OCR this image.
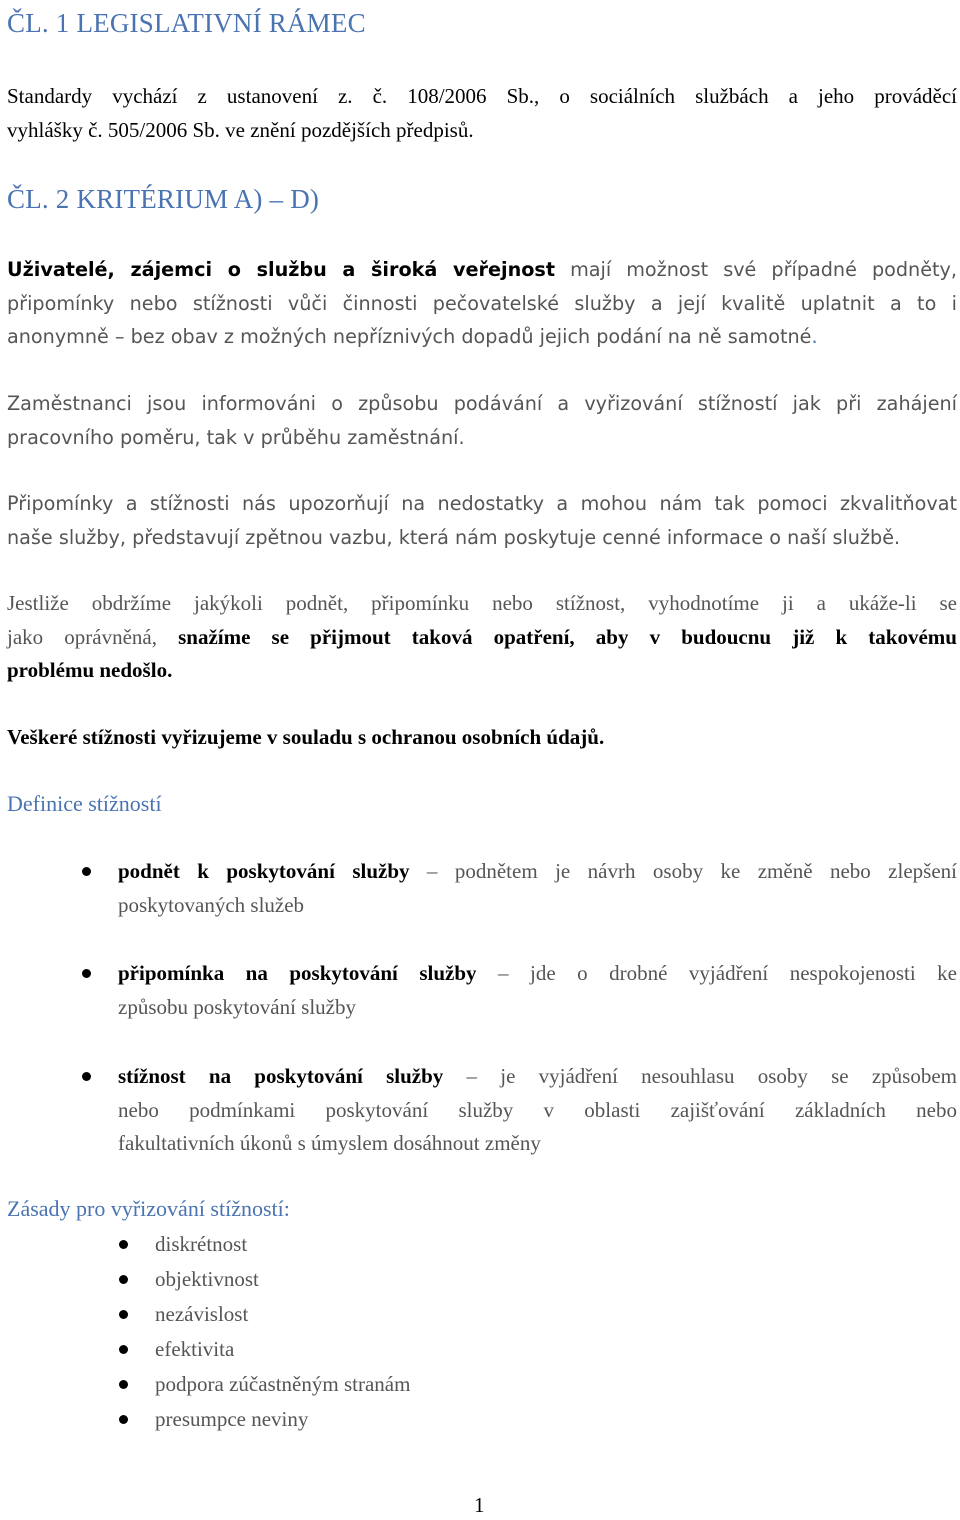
ČL. 1 LEGISLATIVNÍ RÁMEC
Standardy vychází z ustanovení z. č. 108/2006 Sb., o sociálních službách a jeho prováděcí
vyhlášky č. 505/2006 Sb. ve znění pozdějších předpisů.
ČL. 2 KRITÉRIUM A) – D)
Uživatelé, zájemci o službu a široká veřejnost mají možnost své případné podněty,
připomínky nebo stížnosti vůči činnosti pečovatelské služby a její kvalitě uplatnit a to i
anonymně – bez obav z možných nepříznivých dopadů jejich podání na ně samotné.
Zaměstnanci jsou informováni o způsobu podávání a vyřizování stížností jak při zahájení
pracovního poměru, tak v průběhu zaměstnání.
Připomínky a stížnosti nás upozorňují na nedostatky a mohou nám tak pomoci zkvalitňovat
naše služby, představují zpětnou vazbu, která nám poskytuje cenné informace o naší službě.
Jestliže obdržíme jakýkoli podnět, připomínku nebo stížnost, vyhodnotíme ji a ukáže-li se
jako oprávněná, snažíme se přijmout taková opatření, aby v budoucnu již k takovému
problému nedošlo.
Veškeré stížnosti vyřizujeme v souladu s ochranou osobních údajů.
Definice stížností
podnět k poskytování služby – podnětem je návrh osoby ke změně nebo zlepšení
poskytovaných služeb
připomínka na poskytování služby – jde o drobné vyjádření nespokojenosti ke
způsobu poskytování služby
stížnost na poskytování služby – je vyjádření nesouhlasu osoby se způsobem
nebo podmínkami poskytování služby v oblasti zajišťování základních nebo
fakultativních úkonů s úmyslem dosáhnout změny
Zásady pro vyřizování stížností:
diskrétnost
objektivnost
nezávislost
efektivita
podpora zúčastněným stranám
presumpce neviny
1
